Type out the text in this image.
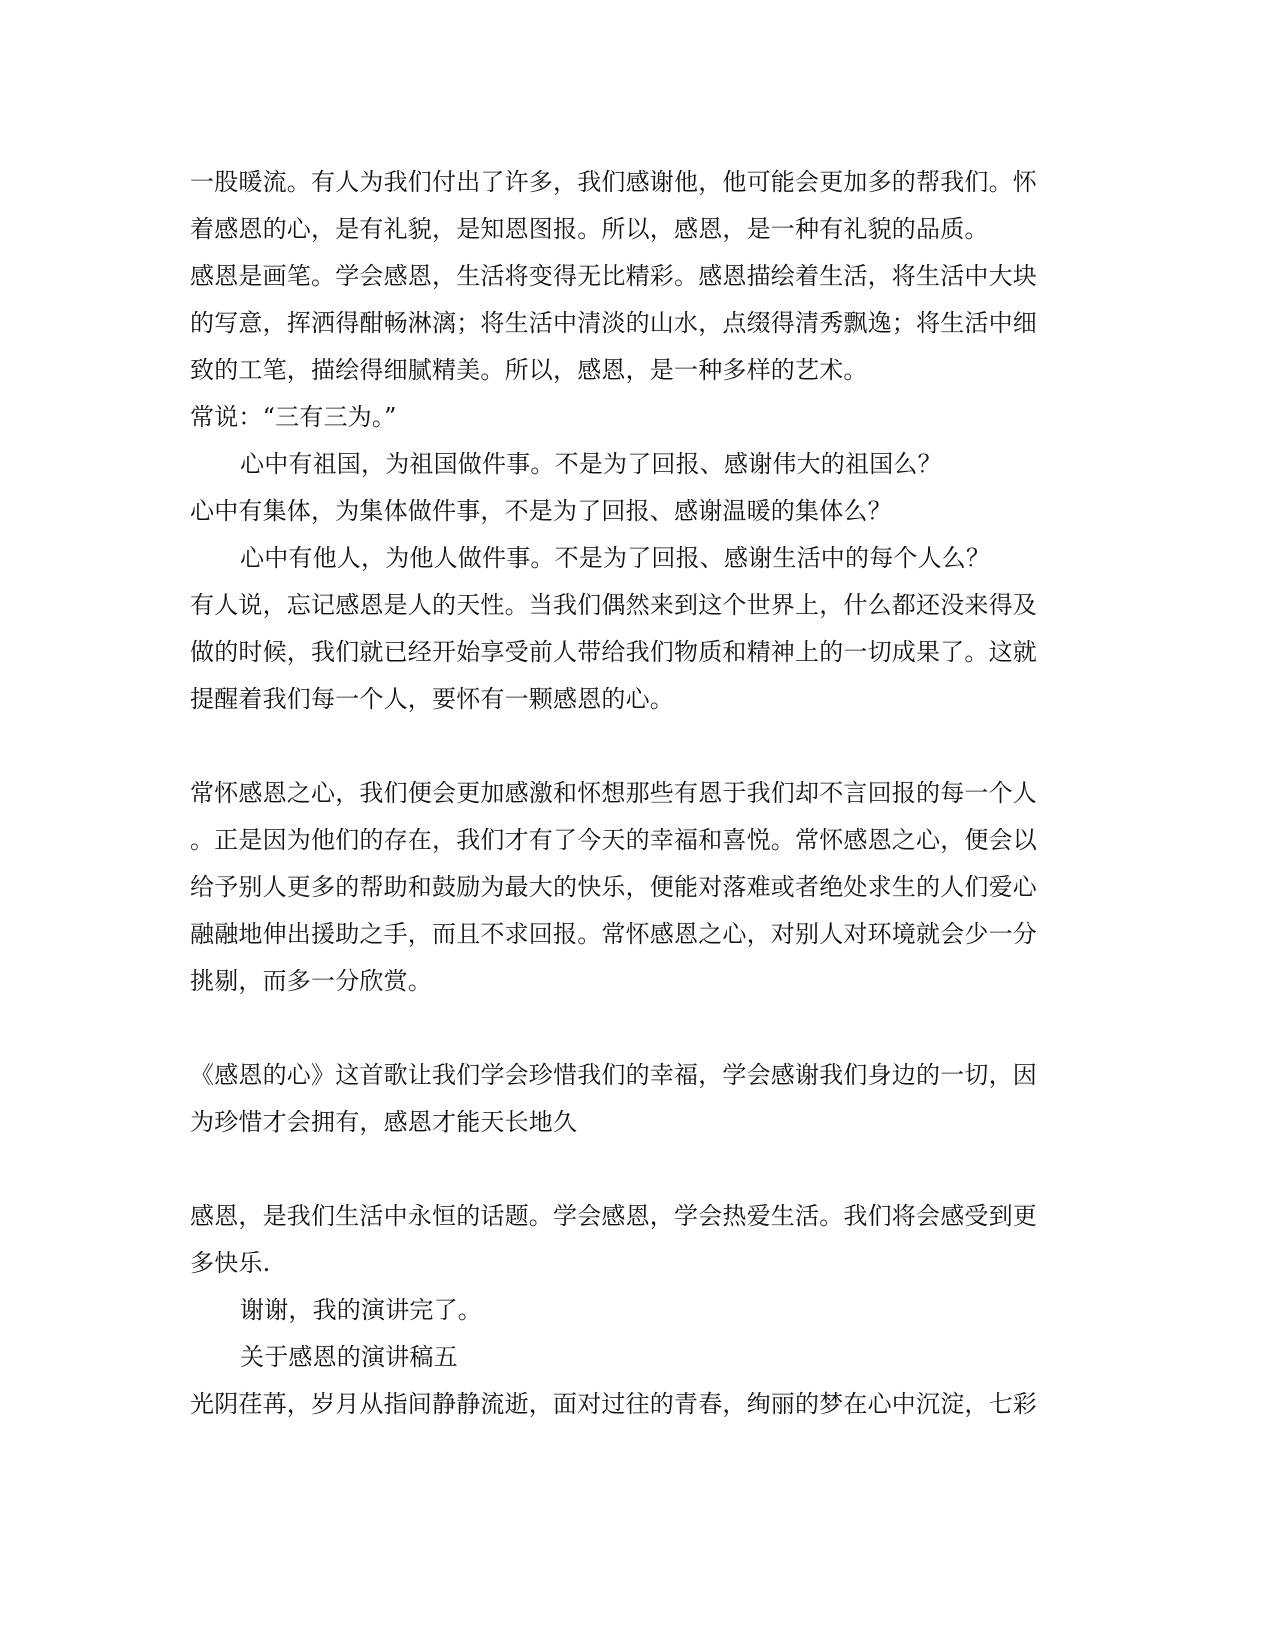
一股暖流。有人为我们付出了许多，我们感谢他，他可能会更加多的帮我们。怀

着感恩的心，是有礼貌，是知恩图报。所以，感恩，是一种有礼貌的品质。

感恩是画笔。学会感恩，生活将变得无比精彩。感恩描绘着生活，将生活中大块

的写意，挥洒得酣畅淋漓；将生活中清淡的山水，点缀得清秀飘逸；将生活中细

致的工笔，描绘得细腻精美。所以，感恩，是一种多样的艺术。

常说：“三有三为。”

心中有祖国，为祖国做件事。不是为了回报、感谢伟大的祖国么？

心中有集体，为集体做件事，不是为了回报、感谢温暖的集体么？

心中有他人，为他人做件事。不是为了回报、感谢生活中的每个人么？

有人说，忘记感恩是人的天性。当我们偶然来到这个世界上，什么都还没来得及

做的时候，我们就已经开始享受前人带给我们物质和精神上的一切成果了。这就

提醒着我们每一个人，要怀有一颗感恩的心。

常怀感恩之心，我们便会更加感激和怀想那些有恩于我们却不言回报的每一个人

。正是因为他们的存在，我们才有了今天的幸福和喜悦。常怀感恩之心，便会以

给予别人更多的帮助和鼓励为最大的快乐，便能对落难或者绝处求生的人们爱心

融融地伸出援助之手，而且不求回报。常怀感恩之心，对别人对环境就会少一分

挑剔，而多一分欣赏。

《感恩的心》这首歌让我们学会珍惜我们的幸福，学会感谢我们身边的一切，因

为珍惜才会拥有，感恩才能天长地久

感恩，是我们生活中永恒的话题。学会感恩，学会热爱生活。我们将会感受到更

多快乐.

谢谢，我的演讲完了。

关于感恩的演讲稿五

光阴荏苒，岁月从指间静静流逝，面对过往的青春，绚丽的梦在心中沉淀，七彩
